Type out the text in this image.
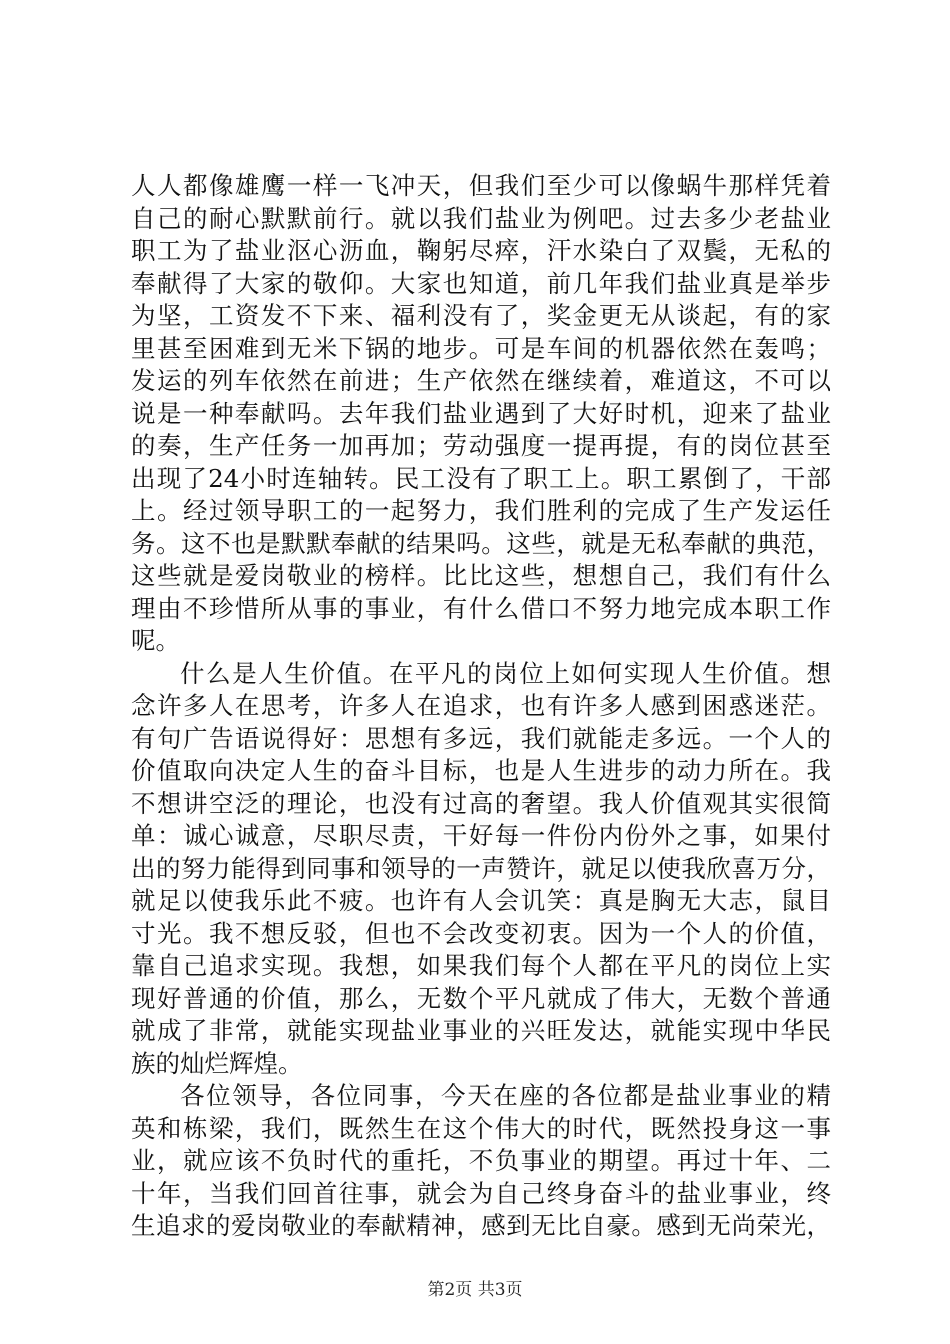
人人都像雄鹰一样一飞冲天，但我们至少可以像蜗牛那样凭着
自己的耐心默默前行。就以我们盐业为例吧。过去多少老盐业
职工为了盐业沤心沥血，鞠躬尽瘁，汗水染白了双鬓，无私的
奉献得了大家的敬仰。大家也知道，前几年我们盐业真是举步
为坚，工资发不下来、福利没有了，奖金更无从谈起，有的家
里甚至困难到无米下锅的地步。可是车间的机器依然在轰鸣；
发运的列车依然在前进；生产依然在继续着，难道这，不可以
说是一种奉献吗。去年我们盐业遇到了大好时机，迎来了盐业
的奏，生产任务一加再加；劳动强度一提再提，有的岗位甚至
出现了24小时连轴转。民工没有了职工上。职工累倒了，干部
上。经过领导职工的一起努力，我们胜利的完成了生产发运任
务。这不也是默默奉献的结果吗。这些，就是无私奉献的典范，
这些就是爱岗敬业的榜样。比比这些，想想自己，我们有什么
理由不珍惜所从事的事业，有什么借口不努力地完成本职工作
呢。
什么是人生价值。在平凡的岗位上如何实现人生价值。想
念许多人在思考，许多人在追求，也有许多人感到困惑迷茫。
有句广告语说得好：思想有多远，我们就能走多远。一个人的
价值取向决定人生的奋斗目标，也是人生进步的动力所在。我
不想讲空泛的理论，也没有过高的奢望。我人价值观其实很简
单：诚心诚意，尽职尽责，干好每一件份内份外之事，如果付
出的努力能得到同事和领导的一声赞许，就足以使我欣喜万分，
就足以使我乐此不疲。也许有人会讥笑：真是胸无大志，鼠目
寸光。我不想反驳，但也不会改变初衷。因为一个人的价值，
靠自己追求实现。我想，如果我们每个人都在平凡的岗位上实
现好普通的价值，那么，无数个平凡就成了伟大，无数个普通
就成了非常，就能实现盐业事业的兴旺发达，就能实现中华民
族的灿烂辉煌。
各位领导，各位同事，今天在座的各位都是盐业事业的精
英和栋梁，我们，既然生在这个伟大的时代，既然投身这一事
业，就应该不负时代的重托，不负事业的期望。再过十年、二
十年，当我们回首往事，就会为自己终身奋斗的盐业事业，终
生追求的爱岗敬业的奉献精神，感到无比自豪。感到无尚荣光，
第2页 共3页
